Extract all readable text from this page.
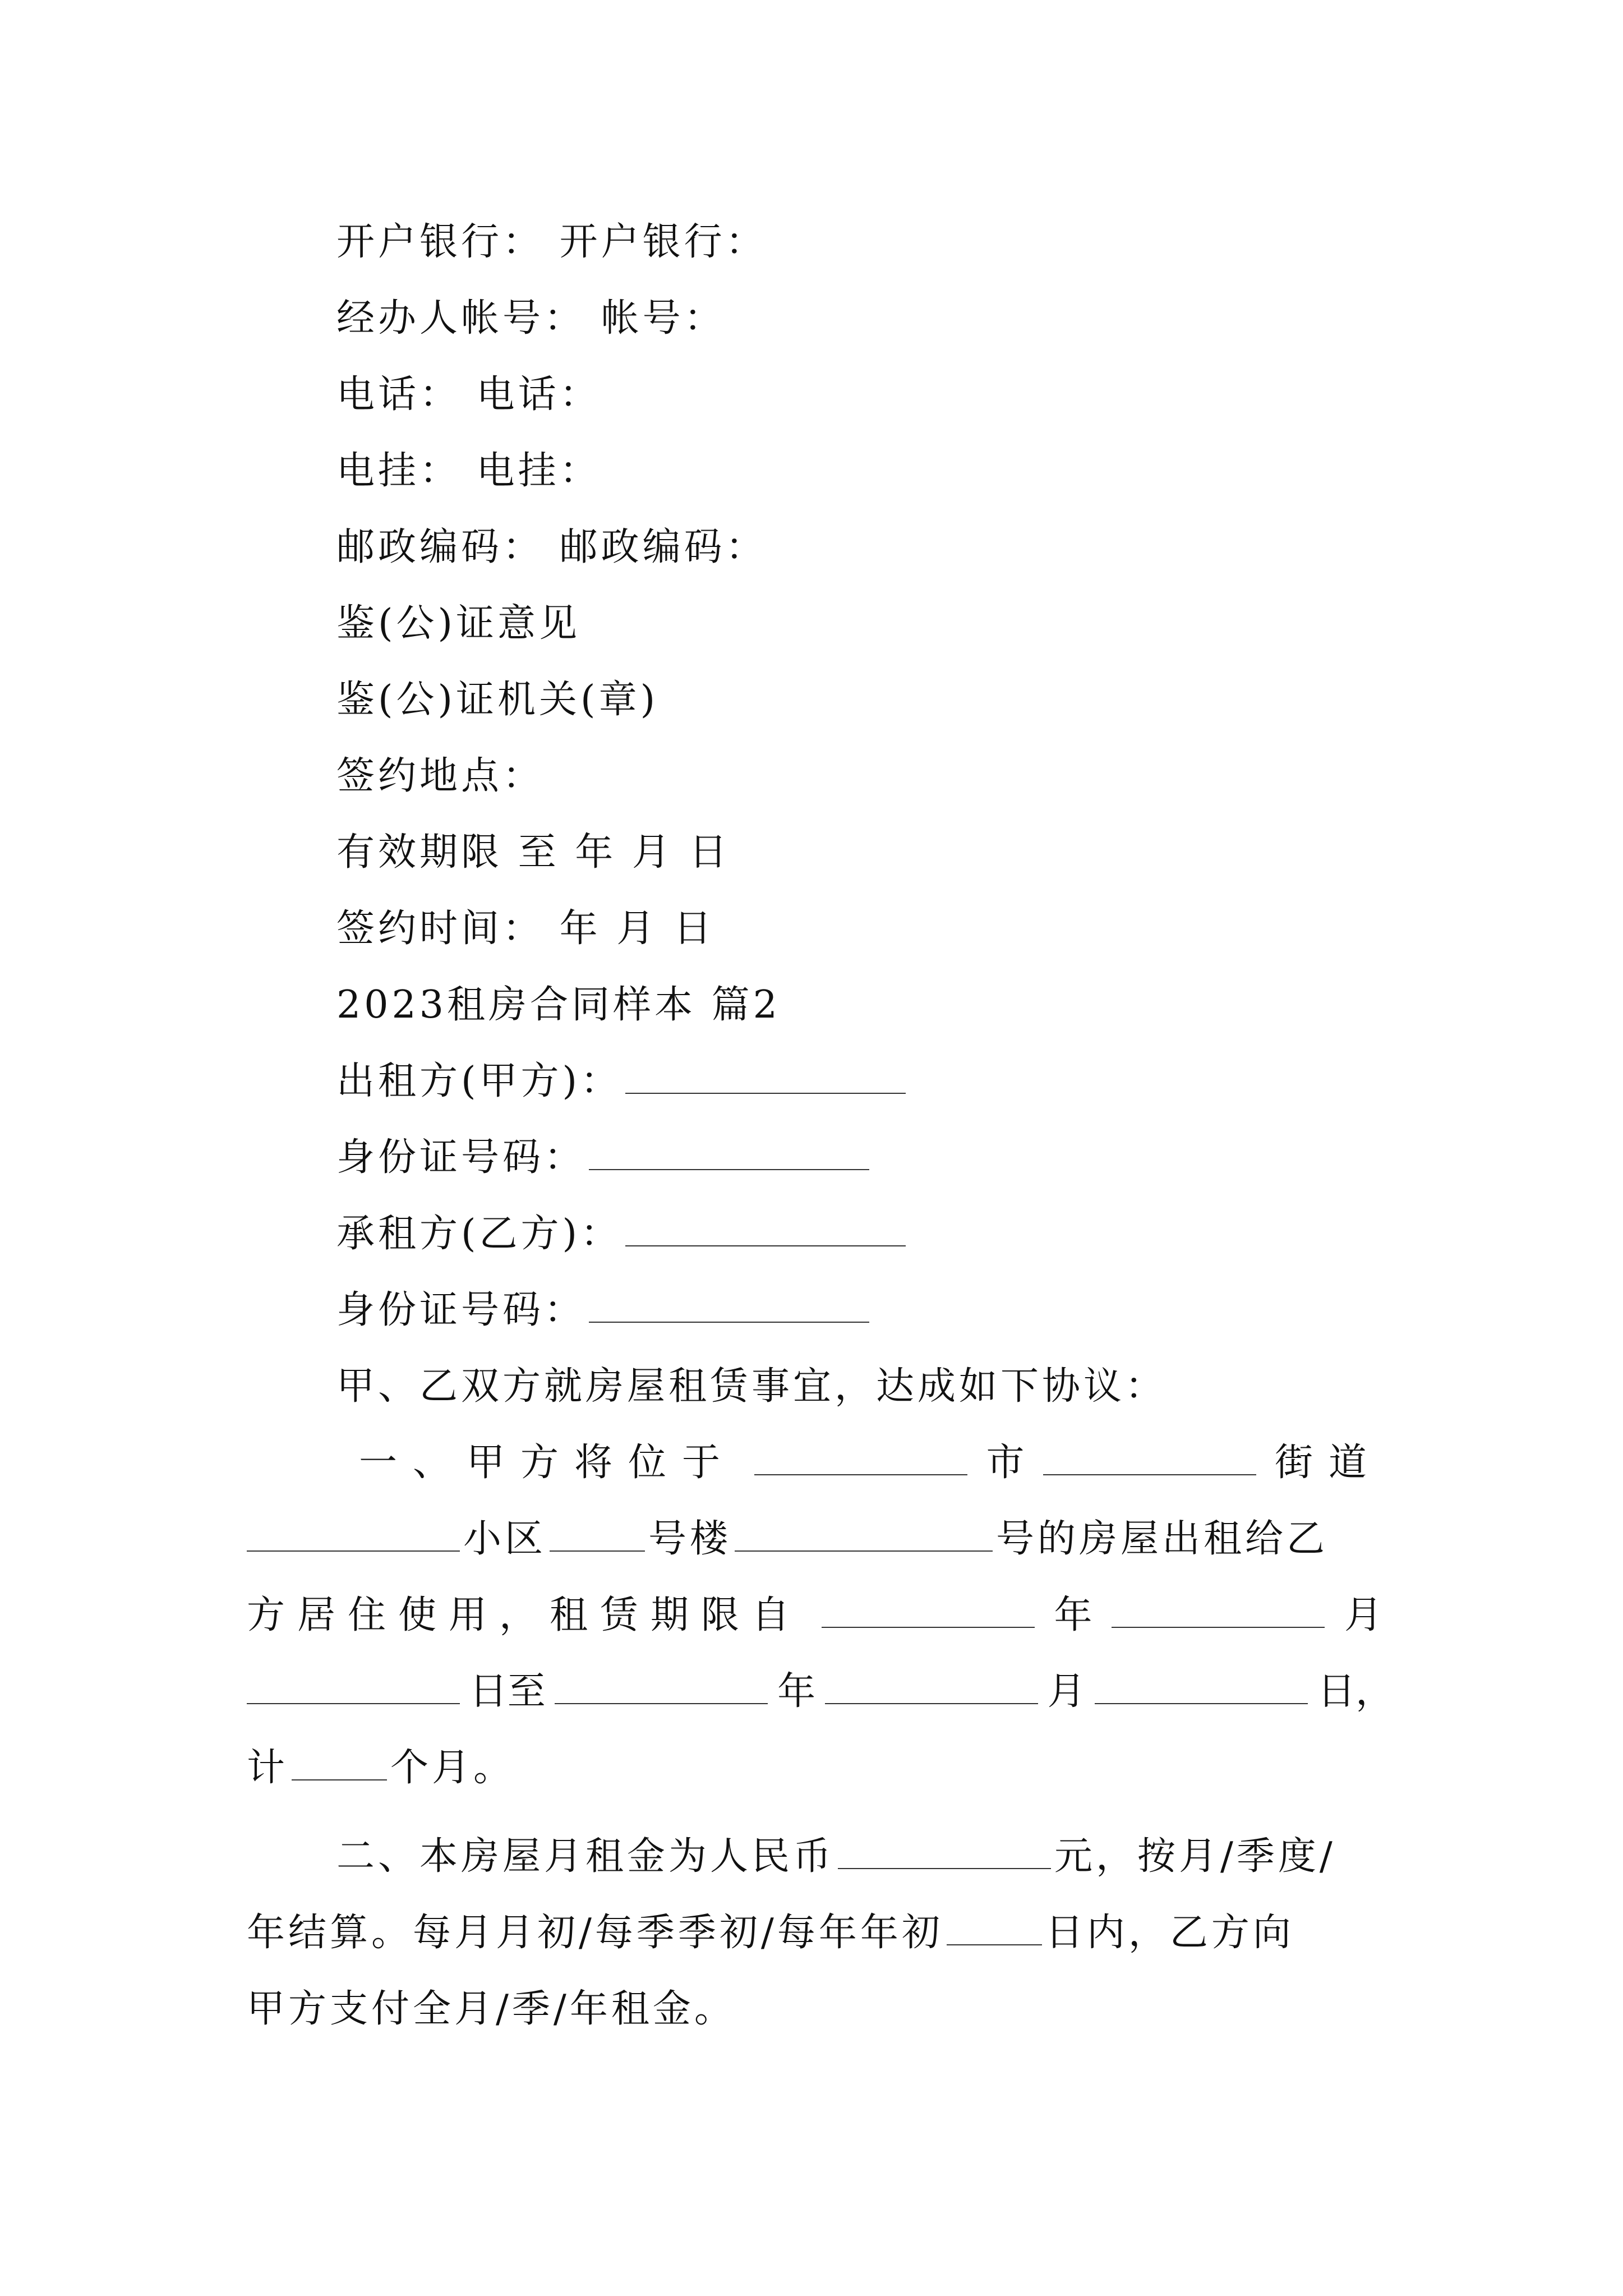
开户银行： 开户银行：
经办人帐号： 帐号：
电话： 电话：
电挂： 电挂：
邮政编码： 邮政编码：
鉴(公)证意见
鉴(公)证机关(章)
签约地点：
有效期限 至 年 月 日
签约时间： 年 月 日
2023租房合同样本 篇2
出租方(甲方)：
身份证号码：
承租方(乙方)：
身份证号码：
甲、乙双方就房屋租赁事宜，达成如下协议：
一、甲方将位于	市	街道
小区	号楼	号的房屋出租给乙
方居住使用，租赁期限自	年	月
日至	年	月	日，
计	个月。
二、本房屋月租金为人民币	元，按月/季度/
年结算。每月月初/每季季初/每年年初	日内，乙方向
甲方支付全月/季/年租金。
